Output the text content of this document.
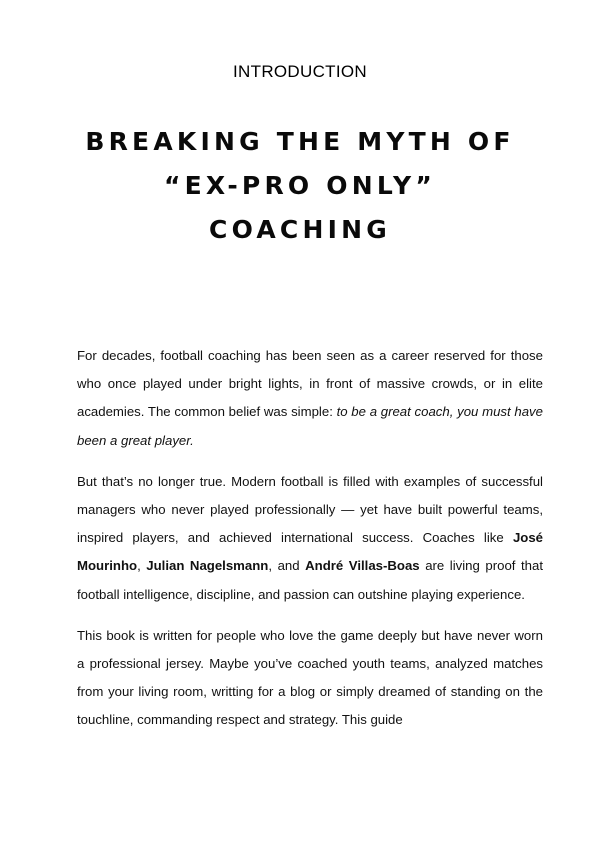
INTRODUCTION
BREAKING THE MYTH OF
“EX-PRO ONLY”
COACHING

For decades, football coaching has been seen as a career reserved for those who once played under bright lights, in front of massive crowds, or in elite academies. The common belief was simple: to be a great coach, you must have been a great player.

But that’s no longer true. Modern football is filled with examples of successful managers who never played professionally — yet have built powerful teams, inspired players, and achieved international success. Coaches like José Mourinho, Julian Nagelsmann, and André Villas-Boas are living proof that football intelligence, discipline, and passion can outshine playing experience.

This book is written for people who love the game deeply but have never worn a professional jersey. Maybe you’ve coached youth teams, analyzed matches from your living room, writting for a blog or simply dreamed of standing on the touchline, commanding respect and strategy. This guide
